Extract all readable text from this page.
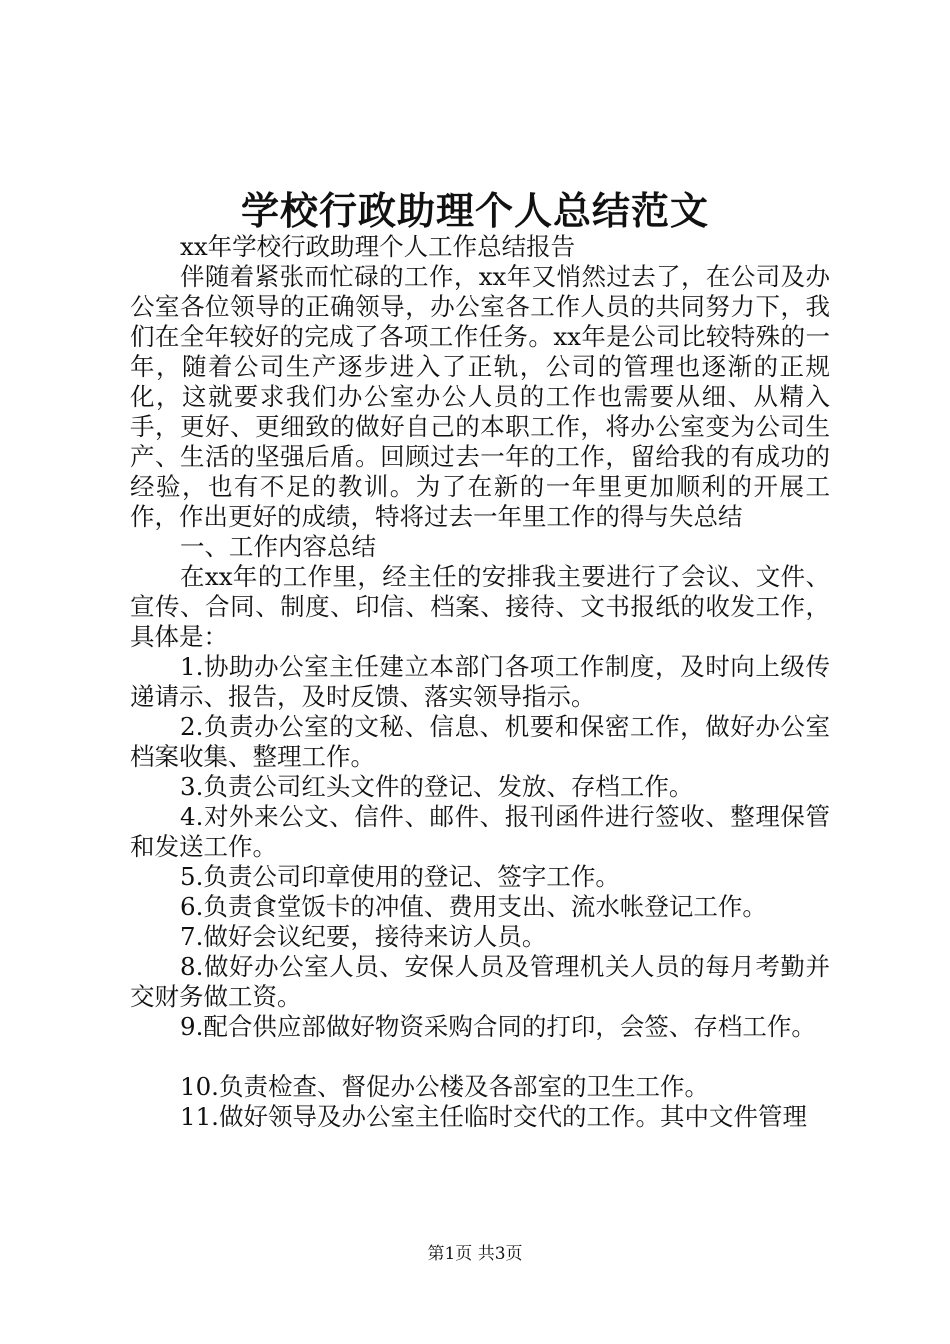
学校行政助理个人总结范文

xx年学校行政助理个人工作总结报告

伴随着紧张而忙碌的工作，xx年又悄然过去了，在公司及办公室各位领导的正确领导，办公室各工作人员的共同努力下，我们在全年较好的完成了各项工作任务。xx年是公司比较特殊的一年，随着公司生产逐步进入了正轨，公司的管理也逐渐的正规化，这就要求我们办公室办公人员的工作也需要从细、从精入手，更好、更细致的做好自己的本职工作，将办公室变为公司生产、生活的坚强后盾。回顾过去一年的工作，留给我的有成功的经验，也有不足的教训。为了在新的一年里更加顺利的开展工作，作出更好的成绩，特将过去一年里工作的得与失总结

一、工作内容总结

在xx年的工作里，经主任的安排我主要进行了会议、文件、宣传、合同、制度、印信、档案、接待、文书报纸的收发工作，具体是：

1.协助办公室主任建立本部门各项工作制度，及时向上级传递请示、报告，及时反馈、落实领导指示。

2.负责办公室的文秘、信息、机要和保密工作，做好办公室档案收集、整理工作。

3.负责公司红头文件的登记、发放、存档工作。

4.对外来公文、信件、邮件、报刊函件进行签收、整理保管和发送工作。

5.负责公司印章使用的登记、签字工作。

6.负责食堂饭卡的冲值、费用支出、流水帐登记工作。

7.做好会议纪要，接待来访人员。

8.做好办公室人员、安保人员及管理机关人员的每月考勤并交财务做工资。

9.配合供应部做好物资采购合同的打印，会签、存档工作。

10.负责检查、督促办公楼及各部室的卫生工作。

11.做好领导及办公室主任临时交代的工作。其中文件管理

第1页 共3页
